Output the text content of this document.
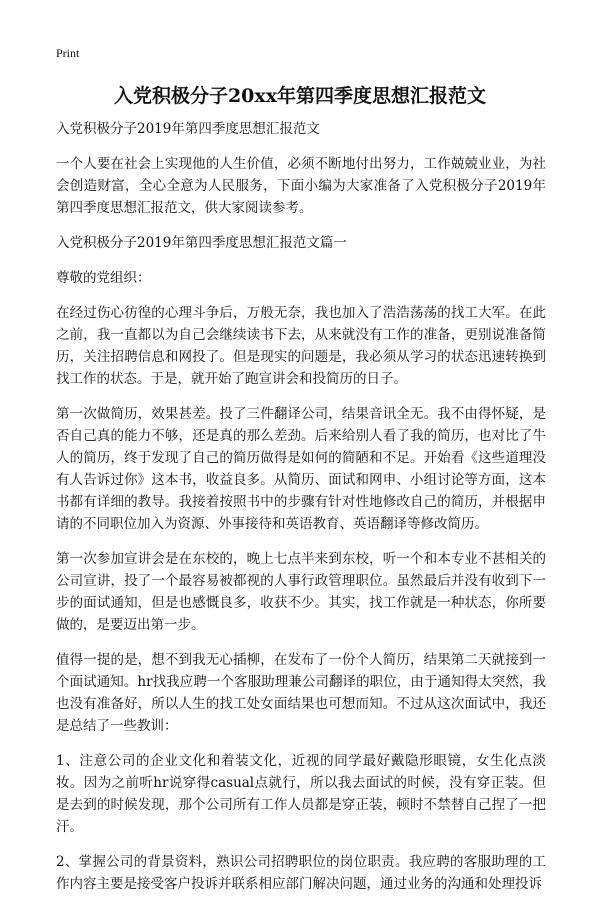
Print
入党积极分子20xx年第四季度思想汇报范文

入党积极分子2019年第四季度思想汇报范文

一个人要在社会上实现他的人生价值，必须不断地付出努力，工作兢兢业业，为社会创造财富，全心全意为人民服务，下面小编为大家准备了入党积极分子2019年第四季度思想汇报范文，供大家阅读参考。

入党积极分子2019年第四季度思想汇报范文篇一

尊敬的党组织：

在经过伤心彷徨的心理斗争后，万般无奈，我也加入了浩浩荡荡的找工大军。在此之前，我一直都以为自己会继续读书下去，从来就没有工作的准备，更别说准备简历，关注招聘信息和网投了。但是现实的问题是，我必须从学习的状态迅速转换到找工作的状态。于是，就开始了跑宣讲会和投简历的日子。

第一次做简历，效果甚差。投了三件翻译公司，结果音讯全无。我不由得怀疑，是否自己真的能力不够，还是真的那么差劲。后来给别人看了我的简历，也对比了牛人的简历，终于发现了自己的简历做得是如何的简陋和不足。开始看《这些道理没有人告诉过你》这本书，收益良多。从简历、面试和网申、小组讨论等方面，这本书都有详细的教导。我接着按照书中的步骤有针对性地修改自己的简历，并根据申请的不同职位加入为资源、外事接待和英语教育、英语翻译等修改简历。

第一次参加宣讲会是在东校的，晚上七点半来到东校，听一个和本专业不甚相关的公司宣讲，投了一个最容易被都视的人事行政管理职位。虽然最后并没有收到下一步的面试通知，但是也感慨良多，收获不少。其实，找工作就是一种状态，你所要做的，是要迈出第一步。

值得一提的是，想不到我无心插柳，在发布了一份个人简历，结果第二天就接到一个面试通知。hr找我应聘一个客服助理兼公司翻译的职位，由于通知得太突然，我也没有准备好，所以人生的找工处女面结果也可想而知。不过从这次面试中，我还是总结了一些教训：

1、注意公司的企业文化和着装文化，近视的同学最好戴隐形眼镜，女生化点淡妆。因为之前听hr说穿得casual点就行，所以我去面试的时候，没有穿正装。但是去到的时候发现，那个公司所有工作人员都是穿正装，顿时不禁替自己捏了一把汗。

2、掌握公司的背景资料，熟识公司招聘职位的岗位职责。我应聘的客服助理的工作内容主要是接受客户投诉并联系相应部门解决问题，通过业务的沟通和处理投诉
